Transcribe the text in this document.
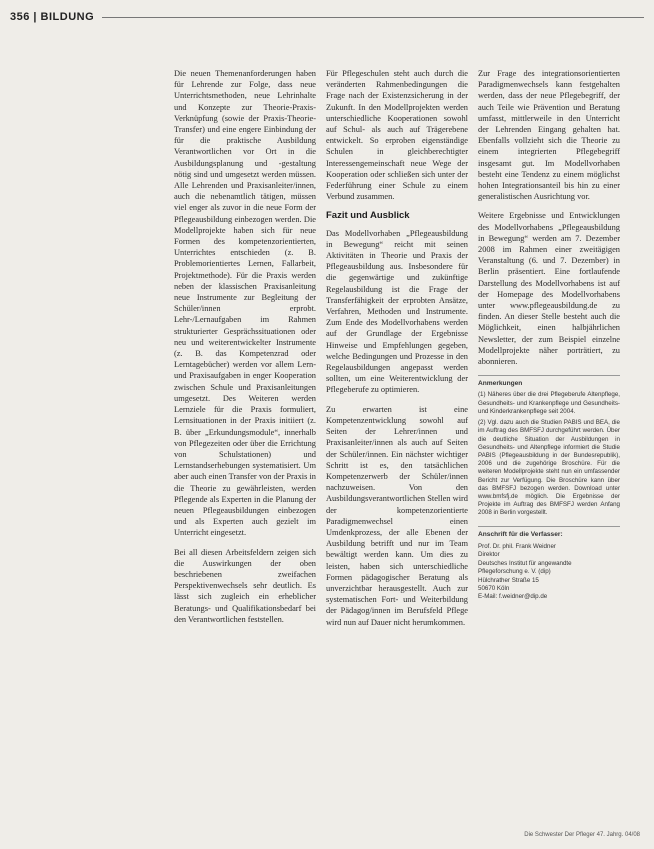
356 | BILDUNG

Die neuen Themenanforderungen haben für Lehrende zur Folge, dass neue Unterrichtsmethoden, neue Lehrinhalte und Konzepte zur Theorie-Praxis-Verknüpfung (sowie der Praxis-Theorie-Transfer) und eine engere Einbindung der für die praktische Ausbildung Verantwortlichen vor Ort in die Ausbildungsplanung und -gestaltung nötig sind und umgesetzt werden müssen. Alle Lehrenden und Praxisanleiter/innen, auch die nebenamtlich tätigen, müssen viel enger als zuvor in die neue Form der Pflegeausbildung einbezogen werden. Die Modellprojekte haben sich für neue Formen des kompetenzorientierten, Unterrichtes entschieden (z. B. Problemorientiertes Lernen, Fallarbeit, Projektmethode). Für die Praxis werden neben der klassischen Praxisanleitung neue Instrumente zur Begleitung der Schüler/innen erprobt. Lehr-/Lernaufgaben im Rahmen strukturierter Gesprächssituationen oder neu und weiterentwickelter Instrumente (z. B. das Kompetenzrad oder Lerntagebücher) werden vor allem Lern- und Praxisaufgaben in enger Kooperation zwischen Schule und Praxisanleitungen umgesetzt. Des Weiteren werden Lernziele für die Praxis formuliert, Lernsituationen in der Praxis initiiert (z. B. über „Erkundungsmodule“, innerhalb von Pflegezeiten oder über die Errichtung von Schulstationen) und Lernstandserhebungen systematisiert. Um aber auch einen Transfer von der Praxis in die Theorie zu gewährleisten, werden Pflegende als Experten in die Planung der neuen Pflegeausbildungen einbezogen und als Experten auch gezielt im Unterricht eingesetzt.

Bei all diesen Arbeitsfeldern zeigen sich die Auswirkungen der oben beschriebenen zweifachen Perspektivenwechsels sehr deutlich. Es lässt sich zugleich ein erheblicher Beratungs- und Qualifikationsbedarf bei den Verantwortlichen feststellen.

Für Pflegeschulen steht auch durch die veränderten Rahmenbedingungen die Frage nach der Existenzsicherung in der Zukunft. In den Modellprojekten werden unterschiedliche Kooperationen sowohl auf Schul- als auch auf Trägerebene entwickelt. So erproben eigenständige Schulen in gleichberechtigter Interessengemeinschaft neue Wege der Kooperation oder schließen sich unter der Federführung einer Schule zu einem Verbund zusammen.

Fazit und Ausblick

Das Modellvorhaben „Pflegeausbildung in Bewegung“ reicht mit seinen Aktivitäten in Theorie und Praxis der Pflegeausbildung aus. Insbesondere für die gegenwärtige und zukünftige Regelausbildung ist die Frage der Transferfähigkeit der erprobten Ansätze, Verfahren, Methoden und Instrumente. Zum Ende des Modellvorhabens werden auf der Grundlage der Ergebnisse Hinweise und Empfehlungen gegeben, welche Bedingungen und Prozesse in den Regelausbildungen angepasst werden sollten, um eine Weiterentwicklung der Pflegeberufe zu optimieren.

Zu erwarten ist eine Kompetenzentwicklung sowohl auf Seiten der Lehrer/innen und Praxisanleiter/innen als auch auf Seiten der Schüler/innen. Ein nächster wichtiger Schritt ist es, den tatsächlichen Kompetenzerwerb der Schüler/innen nachzuweisen. Von den Ausbildungsverantwortlichen Stellen wird der kompetenzorientierte Paradigmenwechsel einen Umdenkprozess, der alle Ebenen der Ausbildung betrifft und nur im Team bewältigt werden kann. Um dies zu leisten, haben sich unterschiedliche Formen pädagogischer Beratung als unverzichtbar herausgestellt. Auch zur systematischen Fort- und Weiterbildung der Pädagog/innen im Berufsfeld Pflege wird nun auf Dauer nicht herumkommen.

Zur Frage des integrationsorientierten Paradigmenwechsels kann festgehalten werden, dass der neue Pflegebegriff, der auch Teile wie Prävention und Beratung umfasst, mittlerweile in den Unterricht der Lehrenden Eingang gehalten hat. Ebenfalls vollzieht sich die Theorie zu einem integrierten Pflegebegriff insgesamt gut. Im Modellvorhaben besteht eine Tendenz zu einem möglichst hohen Integrationsanteil bis hin zu einer generalistischen Ausrichtung vor.

Weitere Ergebnisse und Entwicklungen des Modellvorhabens „Pflegeausbildung in Bewegung“ werden am 7. Dezember 2008 im Rahmen einer zweitägigen Veranstaltung (6. und 7. Dezember) in Berlin präsentiert. Eine fortlaufende Darstellung des Modellvorhabens ist auf der Homepage des Modellvorhabens unter www.pflegeausbildung.de zu finden. An dieser Stelle besteht auch die Möglichkeit, einen halbjährlichen Newsletter, der zum Beispiel einzelne Modellprojekte näher porträtiert, zu abonnieren.

Anmerkungen

(1) Näheres über die drei Pflegeberufe Altenpflege, Gesundheits- und Krankenpflege und Gesundheits- und Kinderkrankenpflege seit 2004.

(2) Vgl. dazu auch die Studien PABIS und BEA, die im Auftrag des BMFSFJ durchgeführt werden. Über die deutliche Situation der Ausbildungen in Gesundheits- und Altenpflege informiert die Studie PABIS (Pflegeausbildung in der Bundesrepublik), 2006 und die zugehörige Broschüre. Für die weiteren Modellprojekte steht nun ein umfassender Bericht zur Verfügung. Die Broschüre kann über das BMFSFJ bezogen werden. Download unter www.bmfsfj.de möglich. Die Ergebnisse der Projekte im Auftrag des BMFSFJ werden Anfang 2008 in Berlin vorgestellt.

Anschrift für die Verfasser:
Prof. Dr. phil. Frank Weidner
Direktor
Deutsches Institut für angewandte
Pflegeforschung e. V. (dip)
Hülchrather Straße 15
50670 Köln
E-Mail: f.weidner@dip.de
Die Schwester Der Pfleger 47. Jahrg. 04/08
